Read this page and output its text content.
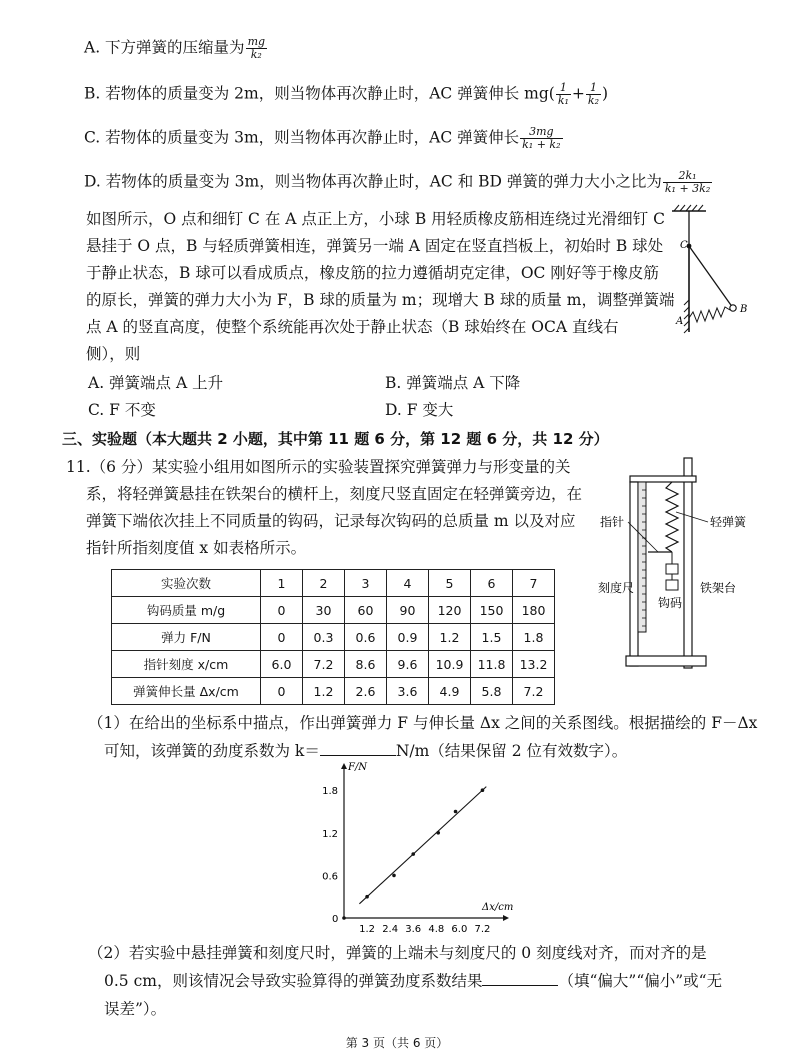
A. 下方弹簧的压缩量为 $\frac{mg}{\text{k₂}}$
B. 若物体的质量变为 2m，则当物体再次静止时，AC 弹簧伸长 $mg( \frac{1}{\text{k₁}} + \frac{1}{\text{k₂}}$ )
C. 若物体的质量变为 3m，则当物体再次静止时，AC 弹簧伸长 $\frac{3mg}{\text{k₁ + k₂}}$
D. 若物体的质量变为 3m，则当物体再次静止时，AC 和 BD 弹簧的弹力大小之比为 $\frac{\text{2k₁}}{\text{k₁ + 3k₂}}$
如图所示，O 点和细钉 C 在 A 点正上方，小球 B 用轻质橡皮筋相连绕过光滑细钉 C
悬挂于 O 点，B 与轻质弹簧相连，弹簧另一端 A 固定在竖直挡板上，初始时 B 球处
于静止状态，B 球可以看成质点，橡皮筋的拉力遵循胡克定律，OC 刚好等于橡皮筋
的原长，弹簧的弹力大小为 F，B 球的质量为 m；现增大 B 球的质量 m，调整弹簧端
点 A 的竖直高度，使整个系统能再次处于静止状态（B 球始终在 OCA 直线右
侧），则
A. 弹簧端点 A 上升	B. 弹簧端点 A 下降
C. F 不变	D. F 变大
C
A
B
三、实验题（本大题共 2 小题，其中第 11 题 6 分，第 12 题 6 分，共 12 分）
11.（6 分）某实验小组用如图所示的实验装置探究弹簧弹力与形变量的关
系，将轻弹簧悬挂在铁架台的横杆上，刻度尺竖直固定在轻弹簧旁边，在
弹簧下端依次挂上不同质量的钩码，记录每次钩码的总质量 m 以及对应
指针所指刻度值 x 如表格所示。
指针	轻弹簧
刻度尺	铁架台
钩码
实验次数	1	2	3	4	5	6	7
钩码质量 m/g	0	30	60	90	120	150	180
弹力 F/N	0	0.3	0.6	0.9	1.2	1.5	1.8
指针刻度 x/cm	6.0	7.2	8.6	9.6	10.9	11.8	13.2
弹簧伸长量 Δx/cm	0	1.2	2.6	3.6	4.9	5.8	7.2
（1）在给出的坐标系中描点，作出弹簧弹力 F 与伸长量 Δx 之间的关系图线。根据描绘的 F－Δx
可知，该弹簧的劲度系数为 k＝	N/m（结果保留 2 位有效数字）。
F/N
Δx/cm
0
1.2 2.4 3.6 4.8 6.0 7.2
0.6
1.2
1.8
（2）若实验中悬挂弹簧和刻度尺时，弹簧的上端未与刻度尺的 0 刻度线对齐，而对齐的是
0.5 cm，则该情况会导致实验算得的弹簧劲度系数结果	（填“偏大”“偏小”或“无
误差”）。
第 3 页（共 6 页）
